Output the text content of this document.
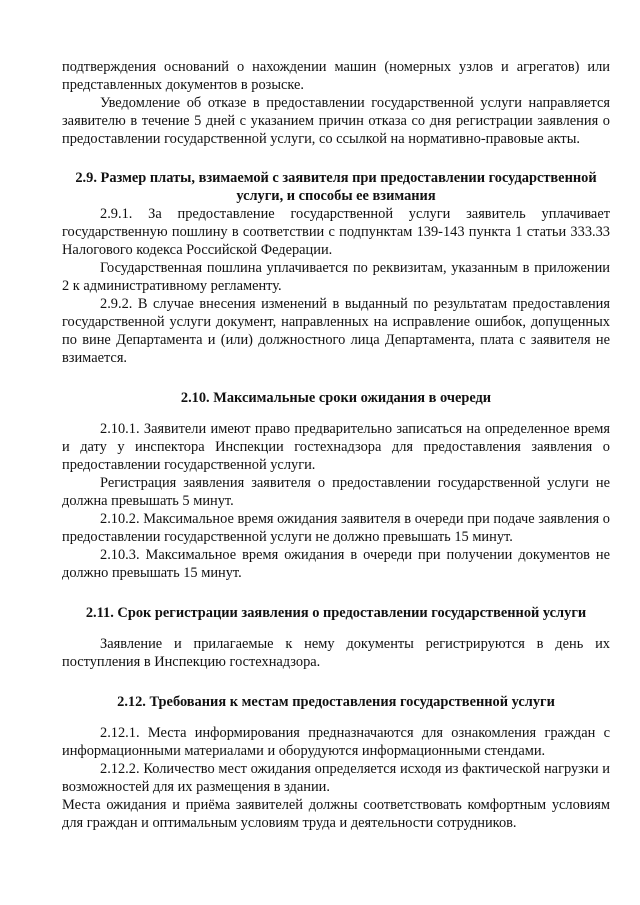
подтверждения оснований о нахождении машин (номерных узлов и агрегатов) или представленных документов в розыске.

Уведомление об отказе в предоставлении государственной услуги направляется заявителю в течение 5 дней с указанием причин отказа со дня регистрации заявления о предоставлении государственной услуги, со ссылкой на нормативно-правовые акты.

2.9. Размер платы, взимаемой с заявителя при предоставлении государственной услуги, и способы ее взимания

2.9.1. За предоставление государственной услуги заявитель уплачивает государственную пошлину в соответствии с подпунктам 139-143 пункта 1 статьи 333.33 Налогового кодекса Российской Федерации.

Государственная пошлина уплачивается по реквизитам, указанным в приложении 2 к административному регламенту.

2.9.2. В случае внесения изменений в выданный по результатам предоставления государственной услуги документ, направленных на исправление ошибок, допущенных по вине Департамента и (или) должностного лица Департамента, плата с заявителя не взимается.

2.10. Максимальные сроки ожидания в очереди

2.10.1. Заявители имеют право предварительно записаться на определенное время и дату у инспектора Инспекции гостехнадзора для предоставления заявления о предоставлении государственной услуги.

Регистрация заявления заявителя о предоставлении государственной услуги не должна превышать 5 минут.

2.10.2. Максимальное время ожидания заявителя в очереди при подаче заявления о предоставлении государственной услуги не должно превышать 15 минут.

2.10.3. Максимальное время ожидания в очереди при получении документов не должно превышать 15 минут.

2.11. Срок регистрации заявления о предоставлении государственной услуги

Заявление и прилагаемые к нему документы регистрируются в день их поступления в Инспекцию гостехнадзора.

2.12. Требования к местам предоставления государственной услуги

2.12.1. Места информирования предназначаются для ознакомления граждан с информационными материалами и оборудуются информационными стендами.

2.12.2. Количество мест ожидания определяется исходя из фактической нагрузки и возможностей для их размещения в здании.

Места ожидания и приёма заявителей должны соответствовать комфортным условиям для граждан и оптимальным условиям труда и деятельности сотрудников.
